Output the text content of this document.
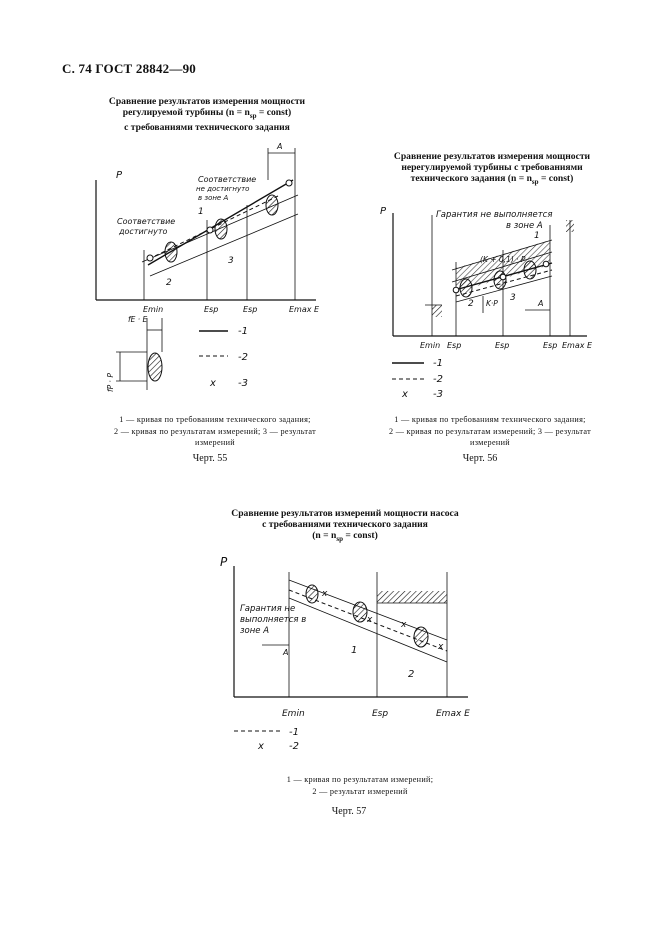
С. 74 ГОСТ 28842—90
Сравнение результатов измерения мощности
регулируемой турбины ($n = n_{sp}$ = const)
с требованиями технического задания
P
A
Соответствие
достигнуто
Соответствие
не достигнуто
в зоне А
1
2
3
Emin	Esp	Esp	Emax E
fE · E
fP · P
-1
-2
x -3
1 — кривая по требованиям технического задания;
2 — кривая по результатам измерений; 3 — результат
измерений
Черт. 55
Сравнение результатов измерения мощности
нерегулируемой турбины с требованиями
технического задания ($n = n_{sp}$ = const)
P	Гарантия не выполняется
в зоне А
1
(K + 0,1) · P
K·P
2
3
A
Emin Esp	Esp	Esp Emax E
-1
-2
x	-3
1 — кривая по требованиям технического задания;
2 — кривая по результатам измерений; 3 — результат
измерений
Черт. 56
Сравнение результатов измерений мощности насоса
с требованиями технического задания
($n = n_{sp}$ = const)
P
x
x	x
x
Гарантия не
выполняется в
зоне А
A	1
2
Emin	Esp	Emax E
-1
x	-2
1 — кривая по результатам измерений;
2 — результат измерений
Черт. 57
